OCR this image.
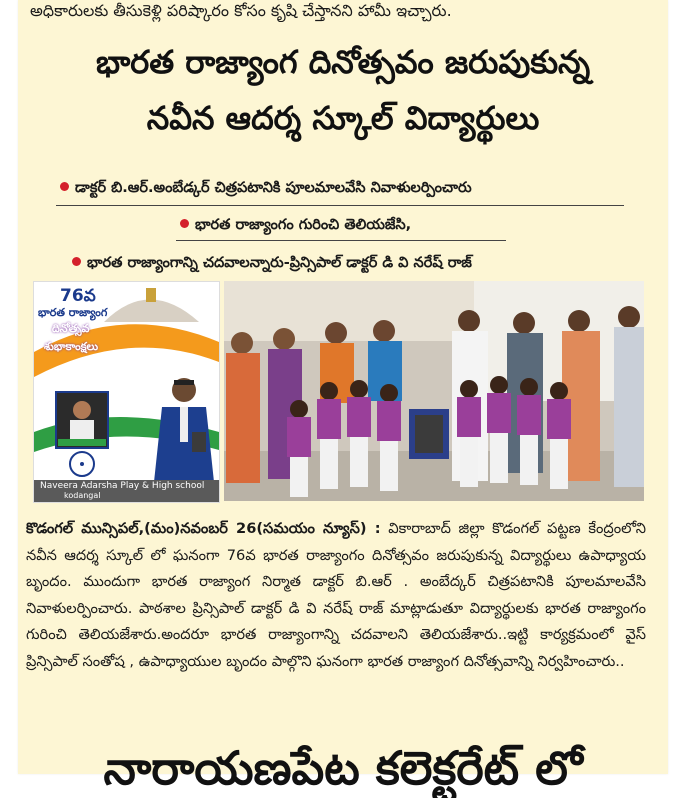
అధికారులకు తీసుకెళ్లి పరిష్కారం కోసం కృషి చేస్తానని హామీ ఇచ్చారు.
భారత రాజ్యాంగ దినోత్సవం జరుపుకున్న
నవీన ఆదర్శ స్కూల్ విద్యార్థులు
డాక్టర్ బి.ఆర్.అంబేడ్కర్ చిత్రపటానికి పూలమాలవేసి నివాళులర్పించారు
భారత రాజ్యాంగం గురించి తెలియజేసి,
భారత రాజ్యాంగాన్ని చదవాలన్నారు-ప్రిన్సిపాల్ డాక్టర్ డి వి నరేష్ రాజ్
76వ
భారత రాజ్యాంగ
దినోత్సవ
శుభాకాంక్షలు
Naveera Adarsha Play & High school
kodangal
కొడంగల్ మున్సిపల్,(మం)నవంబర్ 26(సమయం న్యూస్) : వికారాబాద్ జిల్లా కొడంగల్ పట్టణ కేంద్రంలోని నవీన ఆదర్శ స్కూల్ లో ఘనంగా 76వ భారత రాజ్యాంగం దినోత్సవం జరుపుకున్న విద్యార్థులు ఉపాధ్యాయ బృందం. ముందుగా భారత రాజ్యాంగ నిర్మాత డాక్టర్ బి.ఆర్ . అంబేద్కర్ చిత్రపటానికి పూలమాలవేసి నివాళులర్పించారు. పాఠశాల ప్రిన్సిపాల్ డాక్టర్ డి వి నరేష్ రాజ్ మాట్లాడుతూ విద్యార్థులకు భారత రాజ్యాంగం గురించి తెలియజేశారు.అందరూ భారత రాజ్యాంగాన్ని చదవాలని తెలియజేశారు..ఇట్టి కార్యక్రమంలో వైస్ ప్రిన్సిపాల్ సంతోష , ఉపాధ్యాయుల బృందం పాల్గొని ఘనంగా భారత రాజ్యాంగ దినోత్సవాన్ని నిర్వహించారు..
నారాయణపేట కలెక్టరేట్ లో
